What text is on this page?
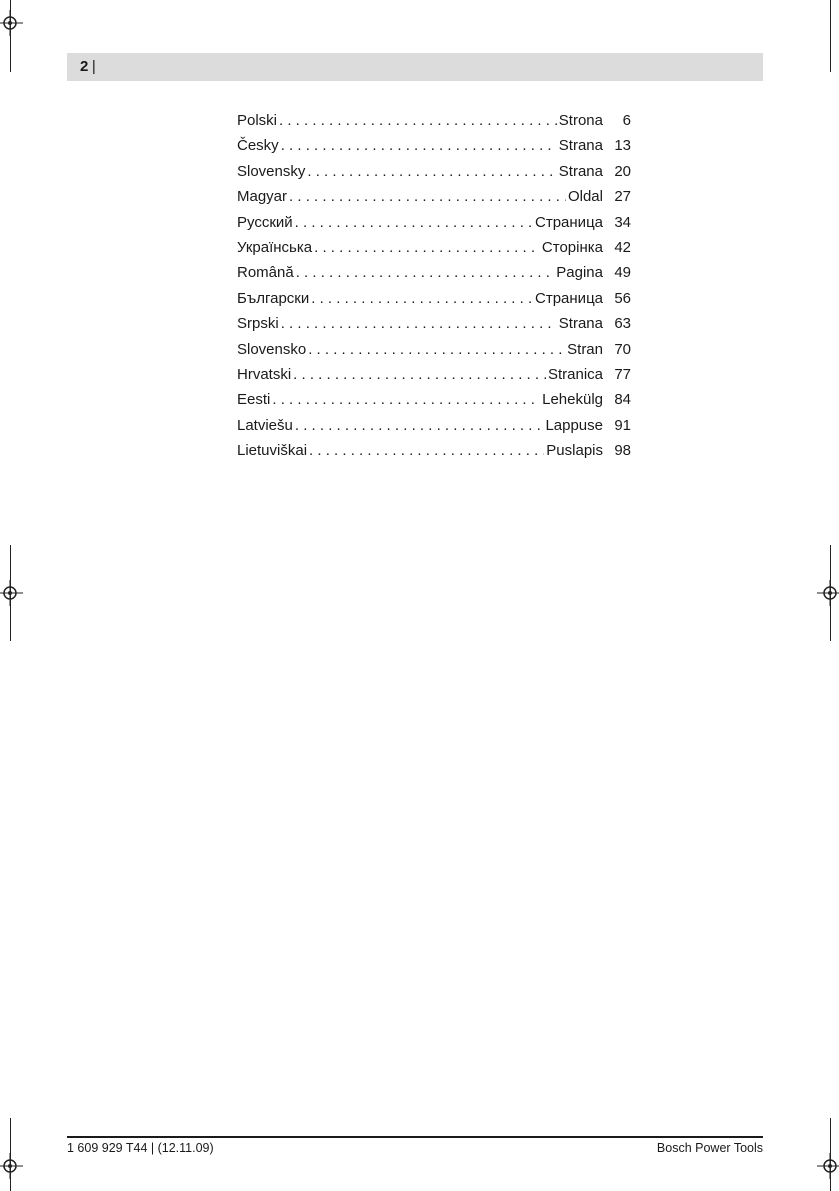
2 |
Polski . . .	Strona	6
Česky . . .	Strana 13
Slovensky . . .	Strana 20
Magyar . . .	Oldal 27
Русский . . .	Страница 34
Українська . . .	Сторінка 42
Română . . .	Pagina 49
Български . . .	Страница 56
Srpski . . .	Strana 63
Slovensko . . .	Stran 70
Hrvatski . . .	Stranica 77
Eesti . . .	Lehekülg 84
Latviešu . . .	Lappuse 91
Lietuviškai . . .	Puslapis 98
1 609 929 T44 | (12.11.09)	Bosch Power Tools
